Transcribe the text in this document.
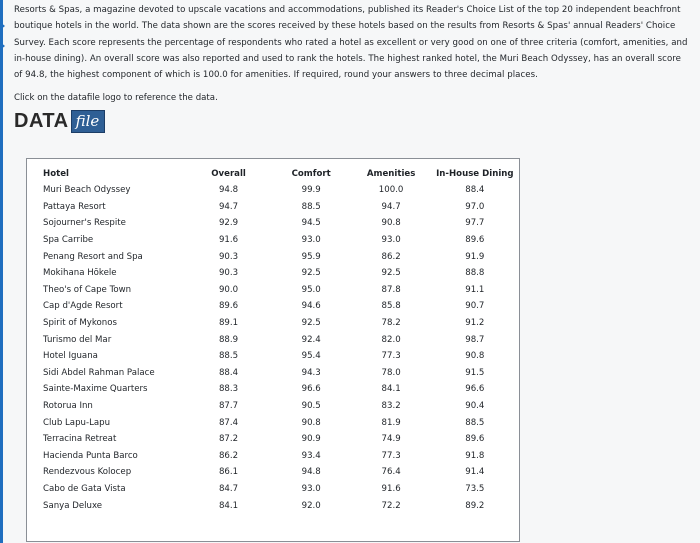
Resorts & Spas, a magazine devoted to upscale vacations and accommodations, published its Reader's Choice List of the top 20 independent beachfront boutique hotels in the world. The data shown are the scores received by these hotels based on the results from Resorts & Spas' annual Readers' Choice Survey. Each score represents the percentage of respondents who rated a hotel as excellent or very good on one of three criteria (comfort, amenities, and in-house dining). An overall score was also reported and used to rank the hotels. The highest ranked hotel, the Muri Beach Odyssey, has an overall score of 94.8, the highest component of which is 100.0 for amenities. If required, round your answers to three decimal places.

Click on the datafile logo to reference the data.

DATA file
Hotel	Overall	Comfort	Amenities	In-House Dining
Muri Beach Odyssey	94.8	99.9	100.0	88.4
Pattaya Resort	94.7	88.5	94.7	97.0
Sojourner's Respite	92.9	94.5	90.8	97.7
Spa Carribe	91.6	93.0	93.0	89.6
Penang Resort and Spa	90.3	95.9	86.2	91.9
Mokihana Hōkele	90.3	92.5	92.5	88.8
Theo's of Cape Town	90.0	95.0	87.8	91.1
Cap d'Agde Resort	89.6	94.6	85.8	90.7
Spirit of Mykonos	89.1	92.5	78.2	91.2
Turismo del Mar	88.9	92.4	82.0	98.7
Hotel Iguana	88.5	95.4	77.3	90.8
Sidi Abdel Rahman Palace	88.4	94.3	78.0	91.5
Sainte-Maxime Quarters	88.3	96.6	84.1	96.6
Rotorua Inn	87.7	90.5	83.2	90.4
Club Lapu-Lapu	87.4	90.8	81.9	88.5
Terracina Retreat	87.2	90.9	74.9	89.6
Hacienda Punta Barco	86.2	93.4	77.3	91.8
Rendezvous Kolocep	86.1	94.8	76.4	91.4
Cabo de Gata Vista	84.7	93.0	91.6	73.5
Sanya Deluxe	84.1	92.0	72.2	89.2
